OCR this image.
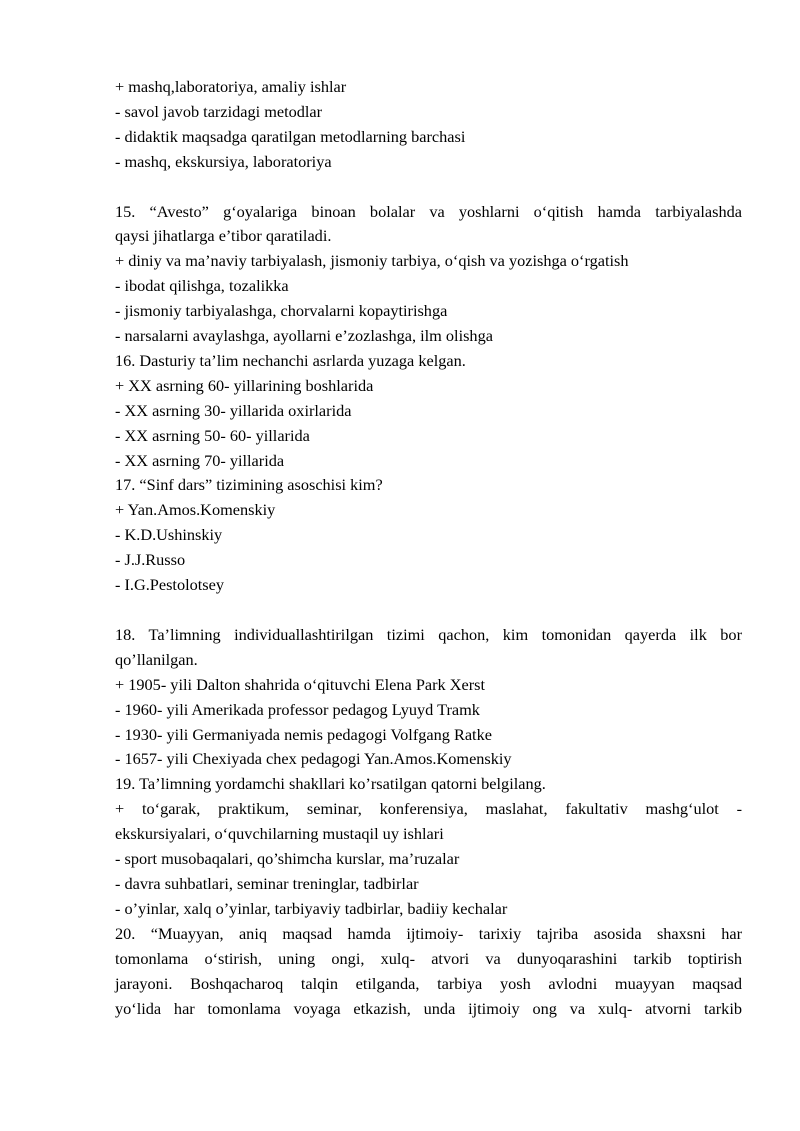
+ mashq,laboratoriya, amaliy ishlar
- savol javob tarzidagi metodlar
- didaktik maqsadga qaratilgan metodlarning barchasi
- mashq, ekskursiya, laboratoriya

15. “Avesto” g‘oyalariga binoan bolalar va yoshlarni o‘qitish hamda tarbiyalashda

qaysi jihatlarga e’tibor qaratiladi.

+ diniy va ma’naviy tarbiyalash, jismoniy tarbiya, o‘qish va yozishga o‘rgatish
- ibodat qilishga, tozalikka
- jismoniy tarbiyalashga, chorvalarni kopaytirishga
- narsalarni avaylashga, ayollarni e’zozlashga, ilm olishga
16. Dasturiy ta’lim nechanchi asrlarda yuzaga kelgan.
+ XX asrning 60- yillarining boshlarida
- XX asrning 30- yillarida oxirlarida
- XX asrning 50- 60- yillarida
- XX asrning 70- yillarida
17. “Sinf dars” tizimining asoschisi kim?
+ Yan.Amos.Komenskiy
- K.D.Ushinskiy
- J.J.Russo
- I.G.Pestolotsey

18. Ta’limning individuallashtirilgan tizimi qachon, kim tomonidan qayerda ilk bor

qo’llanilgan.

+ 1905- yili Dalton shahrida o‘qituvchi Elena Park Xerst
- 1960- yili Amerikada professor pedagog Lyuyd Tramk
- 1930- yili Germaniyada nemis pedagogi Volfgang Ratke
- 1657- yili Chexiyada chex pedagogi Yan.Amos.Komenskiy
19. Ta’limning yordamchi shakllari ko’rsatilgan qatorni belgilang.

+ to‘garak, praktikum, seminar, konferensiya, maslahat, fakultativ mashg‘ulot -

ekskursiyalari, o‘quvchilarning mustaqil uy ishlari

- sport musobaqalari, qo’shimcha kurslar, ma’ruzalar
- davra suhbatlari, seminar treninglar, tadbirlar
- o’yinlar, xalq o’yinlar, tarbiyaviy tadbirlar, badiiy kechalar

20. “Muayyan, aniq maqsad hamda ijtimoiy- tarixiy tajriba asosida shaxsni har

tomonlama o‘stirish, uning ongi, xulq- atvori va dunyoqarashini tarkib toptirish

jarayoni. Boshqacharoq talqin etilganda, tarbiya yosh avlodni muayyan maqsad

yo‘lida har tomonlama voyaga etkazish, unda ijtimoiy ong va xulq- atvorni tarkib
